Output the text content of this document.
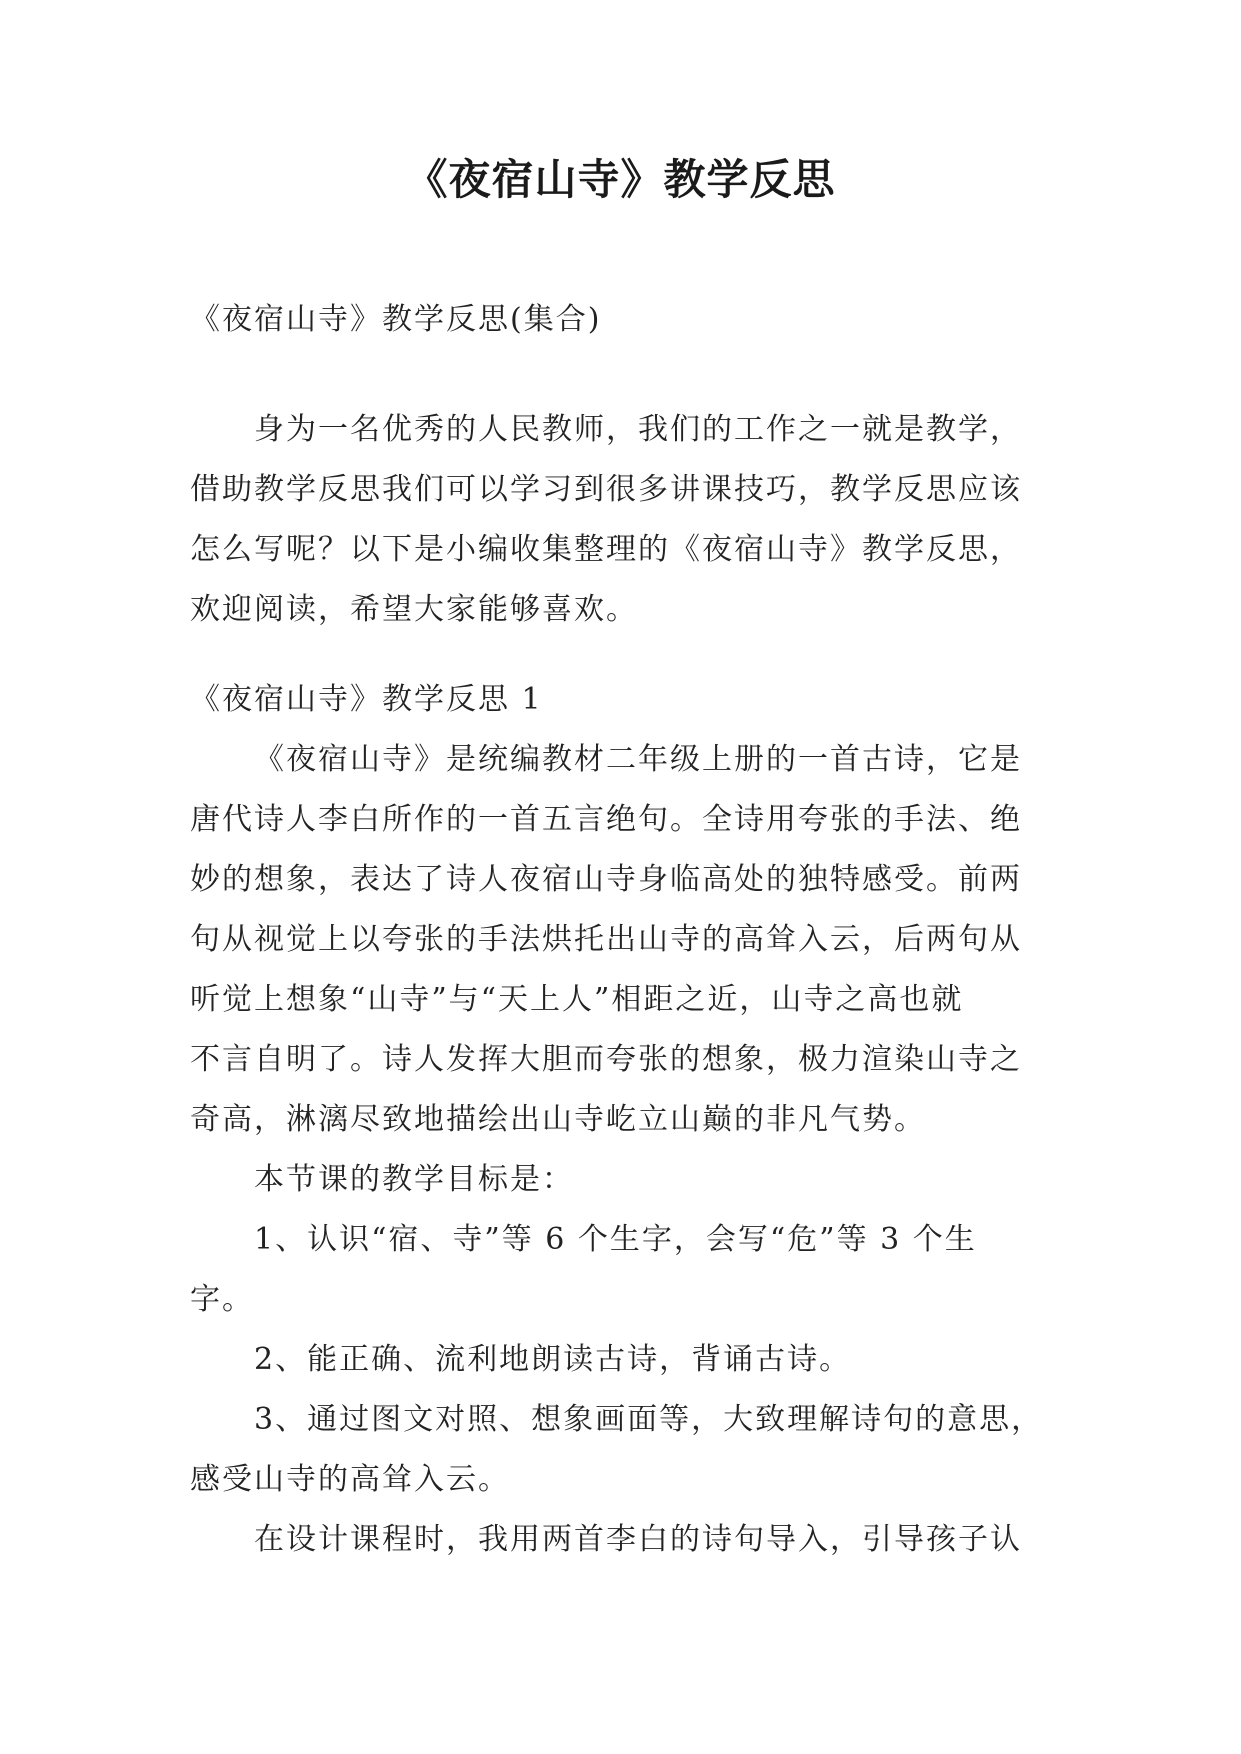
《夜宿山寺》教学反思
《夜宿山寺》教学反思(集合)
身为一名优秀的人民教师，我们的工作之一就是教学，
借助教学反思我们可以学习到很多讲课技巧，教学反思应该
怎么写呢？以下是小编收集整理的《夜宿山寺》教学反思，
欢迎阅读，希望大家能够喜欢。
《夜宿山寺》教学反思 1
《夜宿山寺》是统编教材二年级上册的一首古诗，它是
唐代诗人李白所作的一首五言绝句。全诗用夸张的手法、绝
妙的想象，表达了诗人夜宿山寺身临高处的独特感受。前两
句从视觉上以夸张的手法烘托出山寺的高耸入云，后两句从
听觉上想象“山寺”与“天上人”相距之近，山寺之高也就
不言自明了。诗人发挥大胆而夸张的想象，极力渲染山寺之
奇高，淋漓尽致地描绘出山寺屹立山巅的非凡气势。
本节课的教学目标是：
1、认识“宿、寺”等 6 个生字，会写“危”等 3 个生
字。
2、能正确、流利地朗读古诗，背诵古诗。
3、通过图文对照、想象画面等，大致理解诗句的意思，
感受山寺的高耸入云。
在设计课程时，我用两首李白的诗句导入，引导孩子认
